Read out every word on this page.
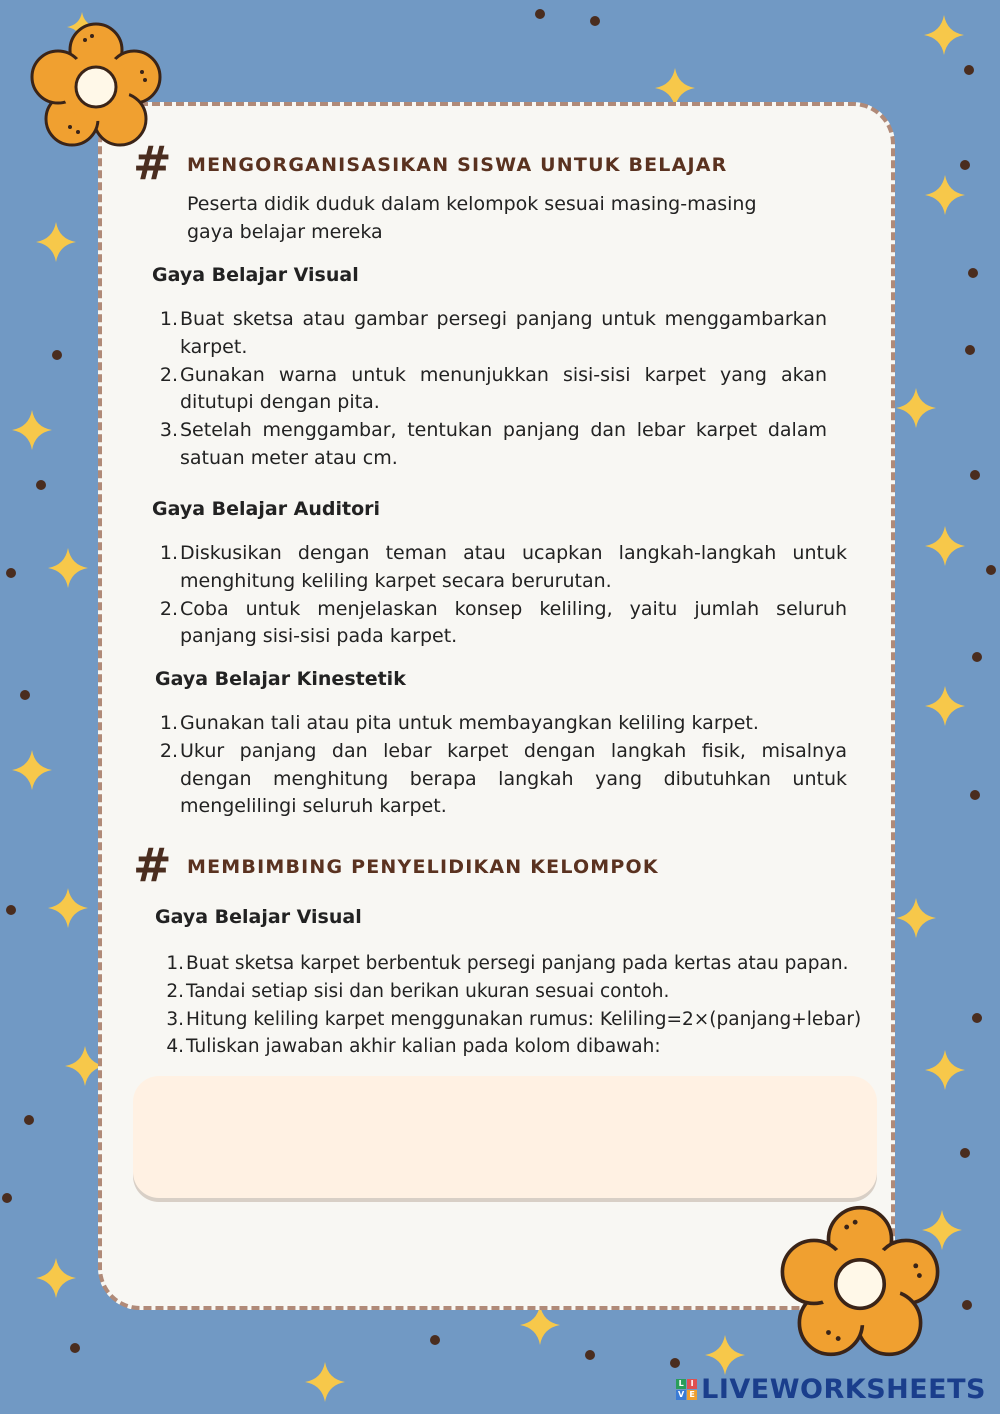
# MENGORGANISASIKAN SISWA UNTUK BELAJAR
Peserta didik duduk dalam kelompok sesuai masing-masing gaya belajar mereka
Gaya Belajar Visual
1. Buat sketsa atau gambar persegi panjang untuk menggambarkan karpet.
2. Gunakan warna untuk menunjukkan sisi-sisi karpet yang akan ditutupi dengan pita.
3. Setelah menggambar, tentukan panjang dan lebar karpet dalam satuan meter atau cm.
Gaya Belajar Auditori
1. Diskusikan dengan teman atau ucapkan langkah-langkah untuk menghitung keliling karpet secara berurutan.
2. Coba untuk menjelaskan konsep keliling, yaitu jumlah seluruh panjang sisi-sisi pada karpet.
Gaya Belajar Kinestetik
1. Gunakan tali atau pita untuk membayangkan keliling karpet.
2. Ukur panjang dan lebar karpet dengan langkah fisik, misalnya dengan menghitung berapa langkah yang dibutuhkan untuk mengelilingi seluruh karpet.
# MEMBIMBING PENYELIDIKAN KELOMPOK
Gaya Belajar Visual
1. Buat sketsa karpet berbentuk persegi panjang pada kertas atau papan.
2. Tandai setiap sisi dan berikan ukuran sesuai contoh.
3. Hitung keliling karpet menggunakan rumus: Keliling=2×(panjang+lebar)
4. Tuliskan jawaban akhir kalian pada kolom dibawah:
L I
V E LIVEWORKSHEETS
